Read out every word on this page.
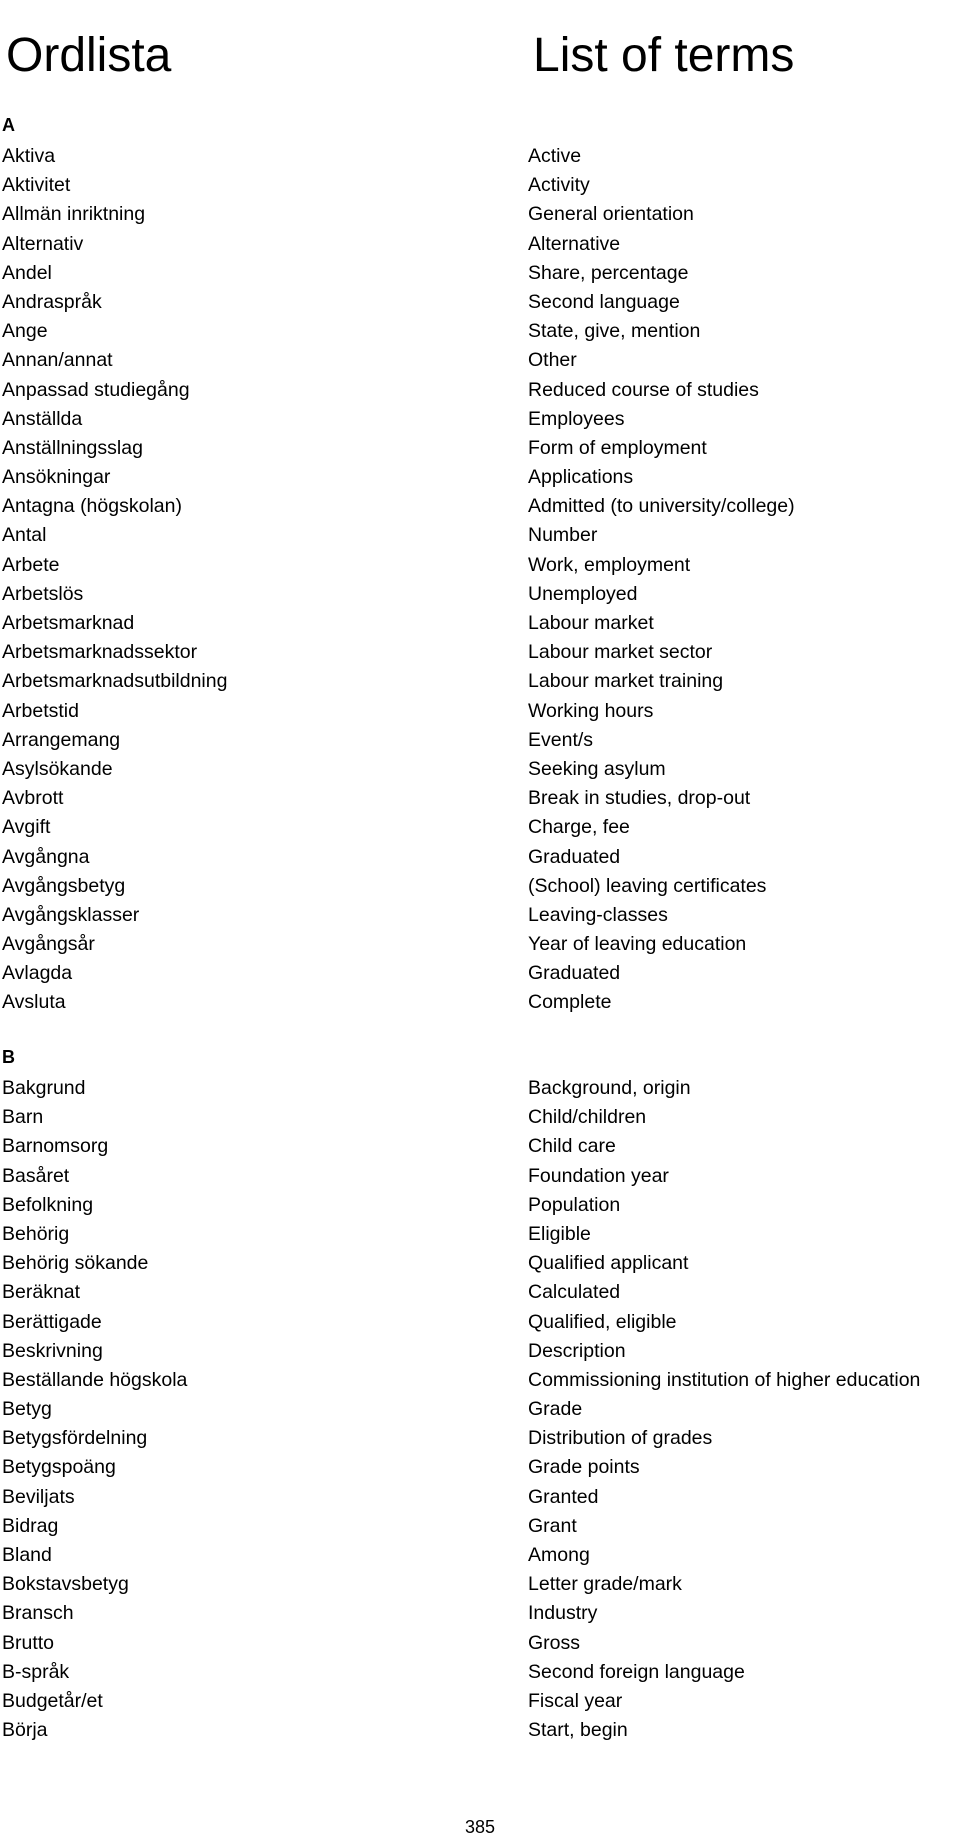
Ordlista	List of terms
A
Aktiva	Active
Aktivitet	Activity
Allmän inriktning	General orientation
Alternativ	Alternative
Andel	Share, percentage
Andraspråk	Second language
Ange	State, give, mention
Annan/annat	Other
Anpassad studiegång	Reduced course of studies
Anställda	Employees
Anställningsslag	Form of employment
Ansökningar	Applications
Antagna (högskolan)	Admitted (to university/college)
Antal	Number
Arbete	Work, employment
Arbetslös	Unemployed
Arbetsmarknad	Labour market
Arbetsmarknadssektor	Labour market sector
Arbetsmarknadsutbildning	Labour market training
Arbetstid	Working hours
Arrangemang	Event/s
Asylsökande	Seeking asylum
Avbrott	Break in studies, drop-out
Avgift	Charge, fee
Avgångna	Graduated
Avgångsbetyg	(School) leaving certificates
Avgångsklasser	Leaving-classes
Avgångsår	Year of leaving education
Avlagda	Graduated
Avsluta	Complete
B
Bakgrund	Background, origin
Barn	Child/children
Barnomsorg	Child care
Basåret	Foundation year
Befolkning	Population
Behörig	Eligible
Behörig sökande	Qualified applicant
Beräknat	Calculated
Berättigade	Qualified, eligible
Beskrivning	Description
Beställande högskola	Commissioning institution of higher education
Betyg	Grade
Betygsfördelning	Distribution of grades
Betygspoäng	Grade points
Beviljats	Granted
Bidrag	Grant
Bland	Among
Bokstavsbetyg	Letter grade/mark
Bransch	Industry
Brutto	Gross
B-språk	Second foreign language
Budgetår/et	Fiscal year
Börja	Start, begin
385
